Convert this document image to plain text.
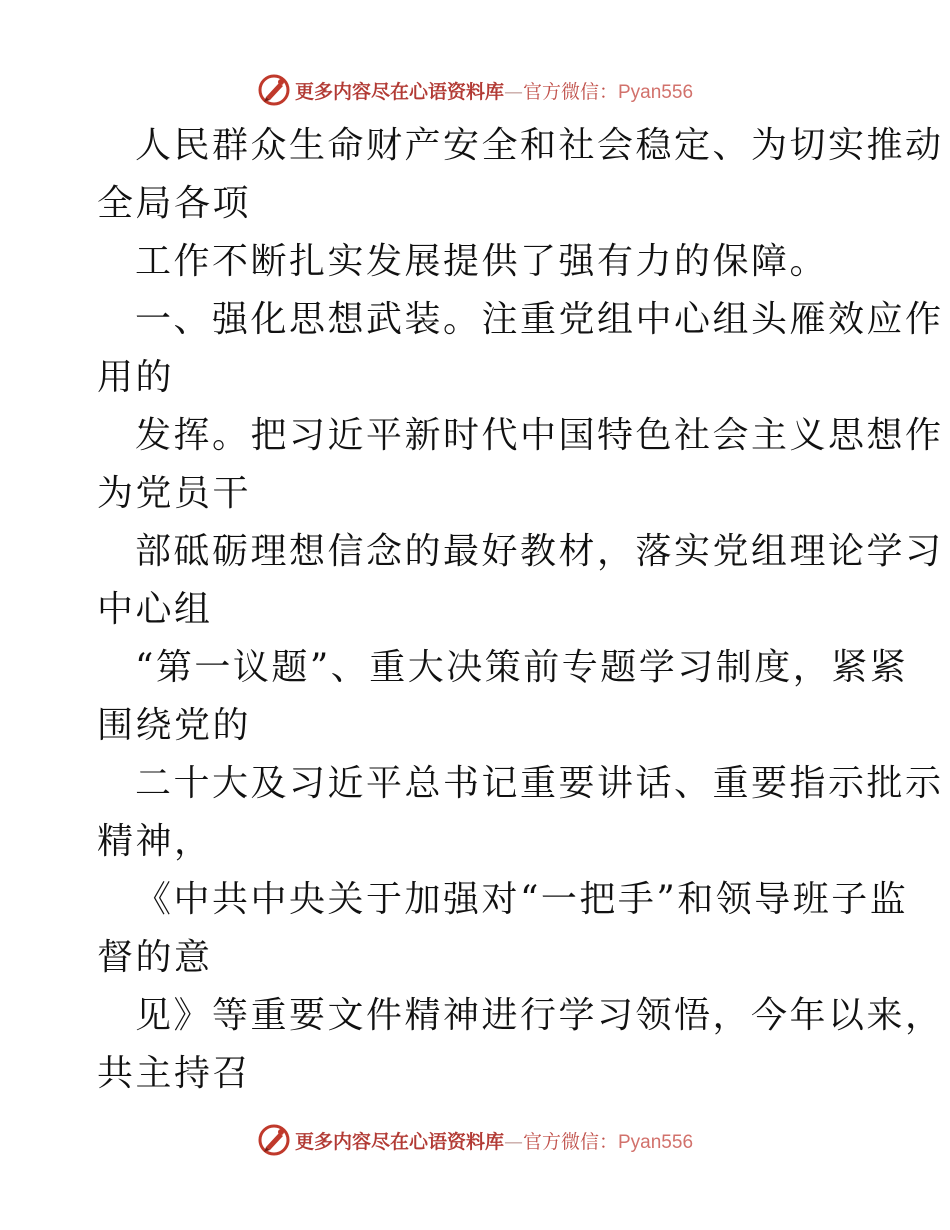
更多内容尽在心语资料库—官方微信：Pyan556
人民群众生命财产安全和社会稳定、为切实推动
全局各项
工作不断扎实发展提供了强有力的保障。
一、强化思想武装。注重党组中心组头雁效应作
用的
发挥。把习近平新时代中国特色社会主义思想作
为党员干
部砥砺理想信念的最好教材，落实党组理论学习
中心组
“第一议题”、重大决策前专题学习制度，紧紧
围绕党的
二十大及习近平总书记重要讲话、重要指示批示
精神，
《中共中央关于加强对“一把手”和领导班子监
督的意
见》等重要文件精神进行学习领悟，今年以来，
共主持召
更多内容尽在心语资料库—官方微信：Pyan556
